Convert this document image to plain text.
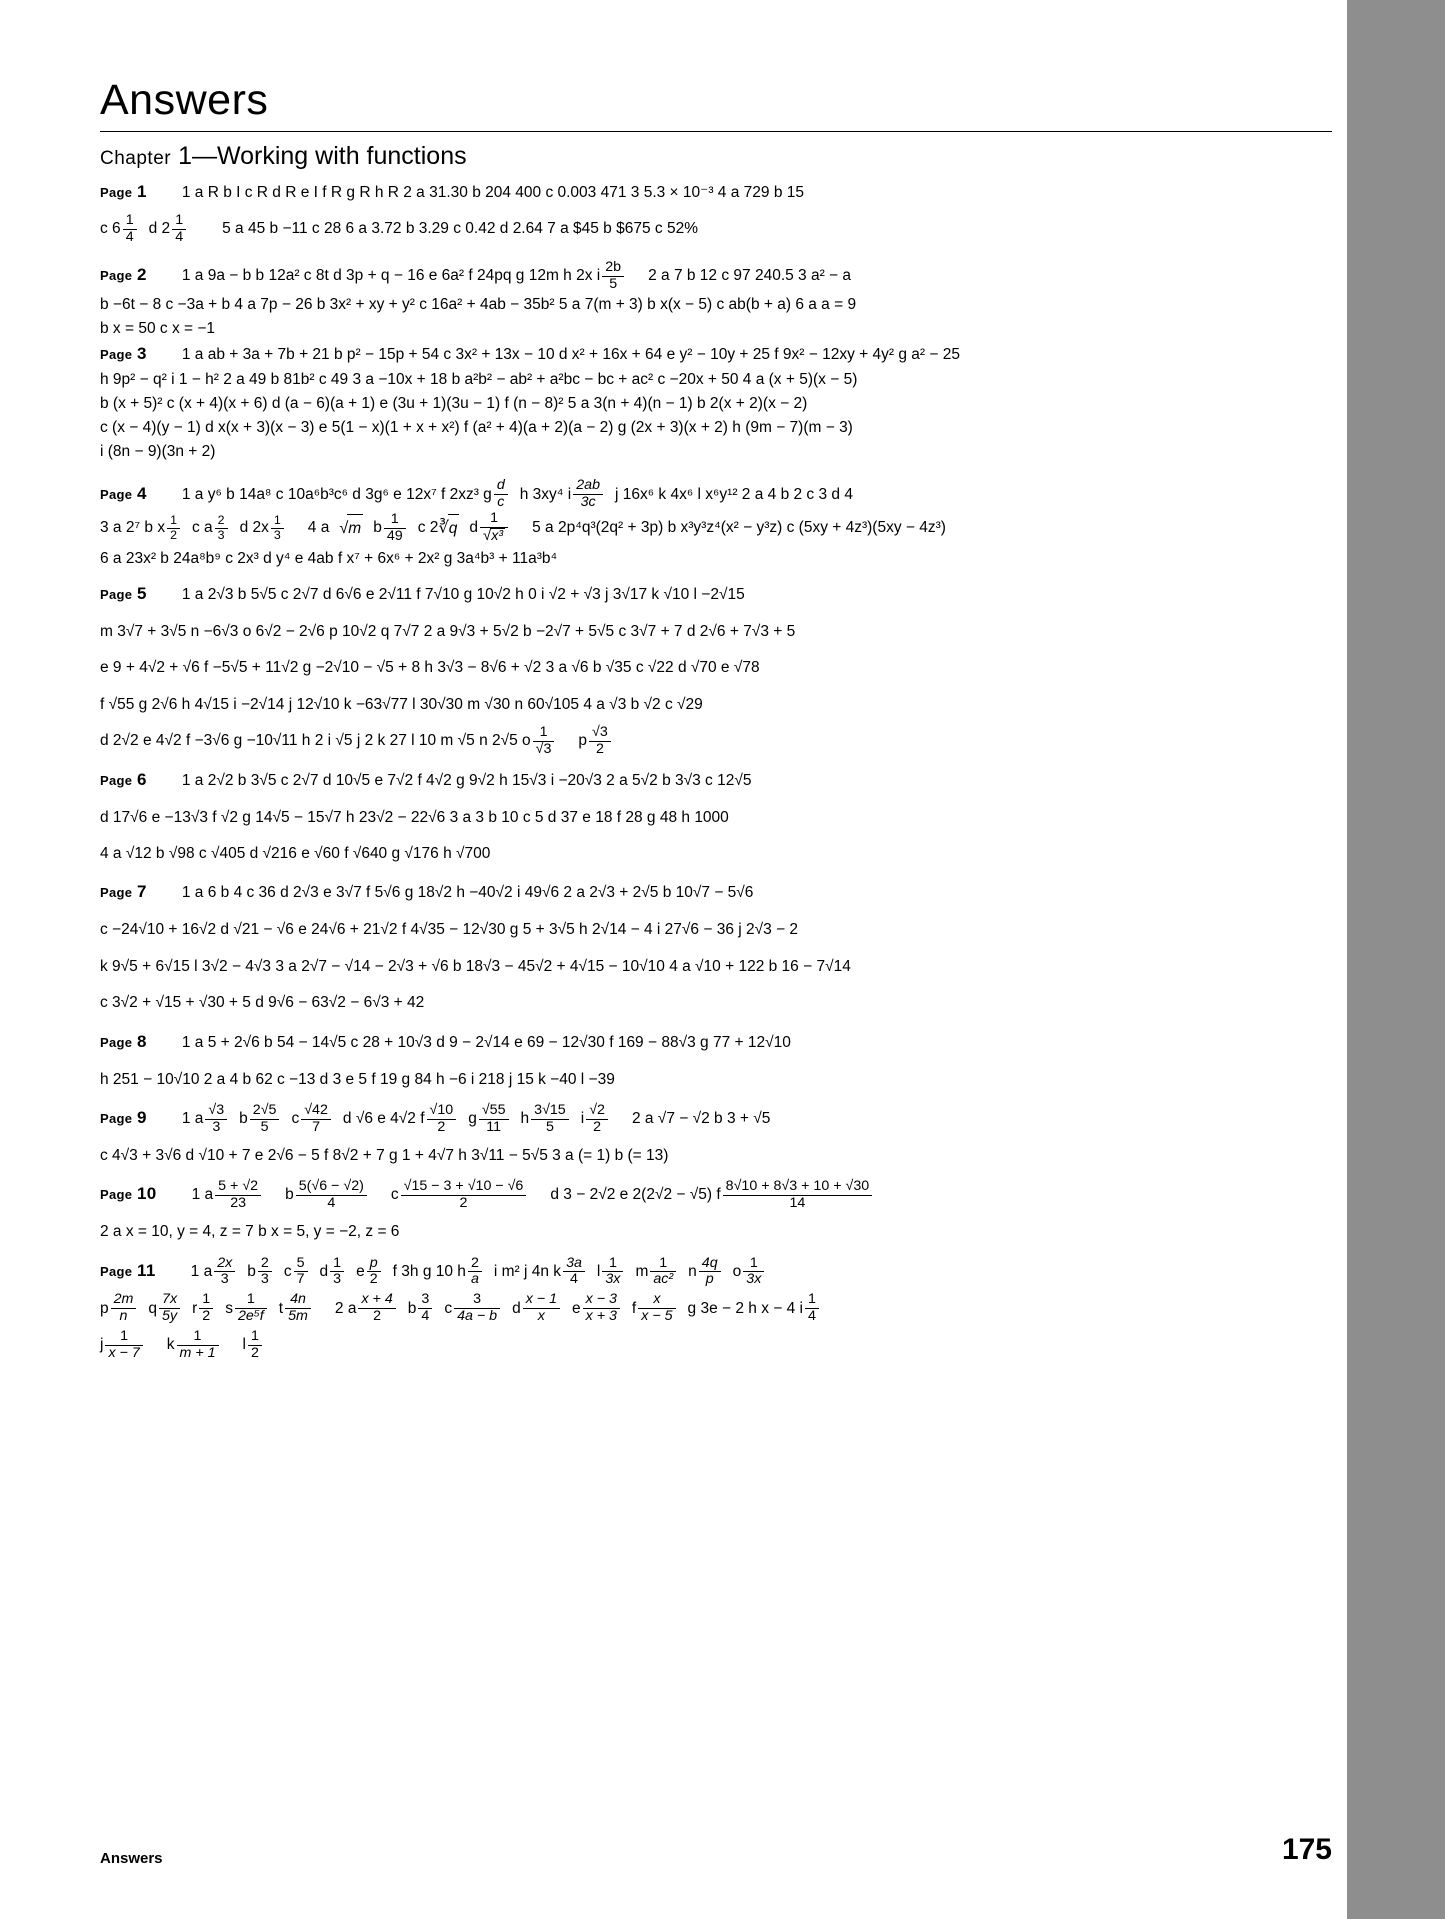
Answers
Chapter 1—Working with functions
Page 1 1 a R b I c R d R e I f R g R h R 2 a 31.30 b 204 400 c 0.003 471 3 5.3 × 10⁻³ 4 a 729 b 15
c $6 \frac{1}{4}$ d $2 \frac{1}{4} 5$ a 45 b −11 c 28 6 a 3.72 b 3.29 c 0.42 d 2.64 7 a $45 b $675 c 52%
Page 2 1 a 9a − b b 12a² c 8t d 3p + q − 16 e 6a² f 24pq g 12m h 2x i $\frac{2b}{5} 2$ a 7 b 12 c 97 240.5 3 a² − a
b −6t − 8 c −3a + b 4 a 7p − 26 b 3x² + xy + y² c 16a² + 4ab − 35b² 5 a 7(m + 3) b x(x − 5) c ab(b + a) 6 a a = 9
b x = 50 c x = −1
Page 3 1 a ab + 3a + 7b + 21 b p² − 15p + 54 c 3x² + 13x − 10 d x² + 16x + 64 e y² − 10y + 25 f 9x² − 12xy + 4y² g a² − 25
h 9p² − q² i 1 − h² 2 a 49 b 81b² c 49 3 a −10x + 18 b a²b² − ab² + a²bc − bc + ac² c −20x + 50 4 a (x + 5)(x − 5)
b (x + 5)² c (x + 4)(x + 6) d (a − 6)(a + 1) e (3u + 1)(3u − 1) f (n − 8)² 5 a 3(n + 4)(n − 1) b 2(x + 2)(x − 2)
c (x − 4)(y − 1) d x(x + 3)(x − 3) e 5(1 − x)(1 + x + x²) f (a² + 4)(a + 2)(a − 2) g (2x + 3)(x + 2) h (9m − 7)(m − 3)
i (8n − 9)(3n + 2)
Page 4 1 a y⁶ b 14a⁸ c 10a⁶b³c⁶ d 3g⁶ e 12x⁷ f 2xz³ g $\frac{d}{c}$ h 3xy⁴ i $\frac{2ab}{3c}$ j 16x⁶ k 4x⁶ l x⁶y¹² 2 a 4 b 2 c 3 d 4
3 a 2⁷ b x $\frac{1}{2}$ c a $\frac{2}{3}$ d $2x \frac{1}{3} 4$ a √m b $\frac{1}{49}$ c 2∛q d $\frac{1}{\text{√x³}} 5$ a 2p⁴q³(2q² + 3p) b x³y³z⁴(x² − y³z) c (5xy + 4z³)(5xy − 4z³)
6 a 23x² b 24a⁸b⁹ c 2x³ d y⁴ e 4ab f x⁷ + 6x⁶ + 2x² g 3a⁴b³ + 11a³b⁴
Page 5 1 a 2√3 b 5√5 c 2√7 d 6√6 e 2√11 f 7√10 g 10√2 h 0 i √2 + √3 j 3√17 k √10 l −2√15
m 3√7 + 3√5 n −6√3 o 6√2 − 2√6 p 10√2 q 7√7 2 a 9√3 + 5√2 b −2√7 + 5√5 c 3√7 + 7 d 2√6 + 7√3 + 5
e 9 + 4√2 + √6 f −5√5 + 11√2 g −2√10 − √5 + 8 h 3√3 − 8√6 + √2 3 a √6 b √35 c √22 d √70 e √78
f √55 g 2√6 h 4√15 i −2√14 j 12√10 k −63√77 l 30√30 m √30 n 60√105 4 a √3 b √2 c √29
d 2√2 e 4√2 f −3√6 g −10√11 h 2 i √5 j 2 k 27 l 10 m √5 n 2√5 o $\frac{1}{√3}$ p $\frac{√3}{2}$
Page 6 1 a 2√2 b 3√5 c 2√7 d 10√5 e 7√2 f 4√2 g 9√2 h 15√3 i −20√3 2 a 5√2 b 3√3 c 12√5
d 17√6 e −13√3 f √2 g 14√5 − 15√7 h 23√2 − 22√6 3 a 3 b 10 c 5 d 37 e 18 f 28 g 48 h 1000
4 a √12 b √98 c √405 d √216 e √60 f √640 g √176 h √700
Page 7 1 a 6 b 4 c 36 d 2√3 e 3√7 f 5√6 g 18√2 h −40√2 i 49√6 2 a 2√3 + 2√5 b 10√7 − 5√6
c −24√10 + 16√2 d √21 − √6 e 24√6 + 21√2 f 4√35 − 12√30 g 5 + 3√5 h 2√14 − 4 i 27√6 − 36 j 2√3 − 2
k 9√5 + 6√15 l 3√2 − 4√3 3 a 2√7 − √14 − 2√3 + √6 b 18√3 − 45√2 + 4√15 − 10√10 4 a √10 + 122 b 16 − 7√14
c 3√2 + √15 + √30 + 5 d 9√6 − 63√2 − 6√3 + 42
Page 8 1 a 5 + 2√6 b 54 − 14√5 c 28 + 10√3 d 9 − 2√14 e 69 − 12√30 f 169 − 88√3 g 77 + 12√10
h 251 − 10√10 2 a 4 b 62 c −13 d 3 e 5 f 19 g 84 h −6 i 218 j 15 k −40 l −39
Page 9 1 a $\frac{√3}{3}$ b $\frac{2√5}{5}$ c $\frac{√42}{7}$ d √6 e 4√2 f $\frac{√10}{2}$ g $\frac{√55}{11}$ h $\frac{3√15}{5}$ i $\frac{√2}{2} 2$ a √7 − √2 b 3 + √5
c 4√3 + 3√6 d √10 + 7 e 2√6 − 5 f 8√2 + 7 g 1 + 4√7 h 3√11 − 5√5 3 a (= 1) b (= 13)
Page 10 1 a $\frac{5 + √2}{23}$ b $\frac{5(√6 - √2)}{4}$ c $\frac{√15 - 3 + √10 - √6}{2}$ d 3 − 2√2 e 2(2√2 − √5) f $\frac{8√10 + 8√3 + 10 + √30}{14}$
2 a x = 10, y = 4, z = 7 b x = 5, y = −2, z = 6
Page 11 1 a $\frac{2x}{3}$ b $\frac{2}{3}$ c $\frac{5}{7}$ d $\frac{1}{3}$ e $\frac{p}{2}$ f 3h g 10 h $\frac{2}{a}$ i m² j 4n k $\frac{3a}{4}$ l $\frac{1}{3x}$ m $\frac{1}{\text{ac²}}$ n $\frac{4q}{p}$ o $\frac{1}{3x}$
p $\frac{2m}{n}$ q $\frac{7x}{5y}$ r $\frac{1}{2}$ s $\frac{1}{\text{2e⁵f}}$ t $\frac{4n}{5m} 2$ a $\frac{x + 4}{2}$ b $\frac{3}{4}$ c $\frac{3}{4a - b}$ d $\frac{x - 1}{x}$ e $\frac{x - 3}{x + 3}$ f $\frac{x}{x - 5}$ g 3e − 2 h x − 4 i $\frac{1}{4}$
j $\frac{1}{x - 7}$ k $\frac{1}{m + 1}$ l $\frac{1}{2}$
Answers	175
